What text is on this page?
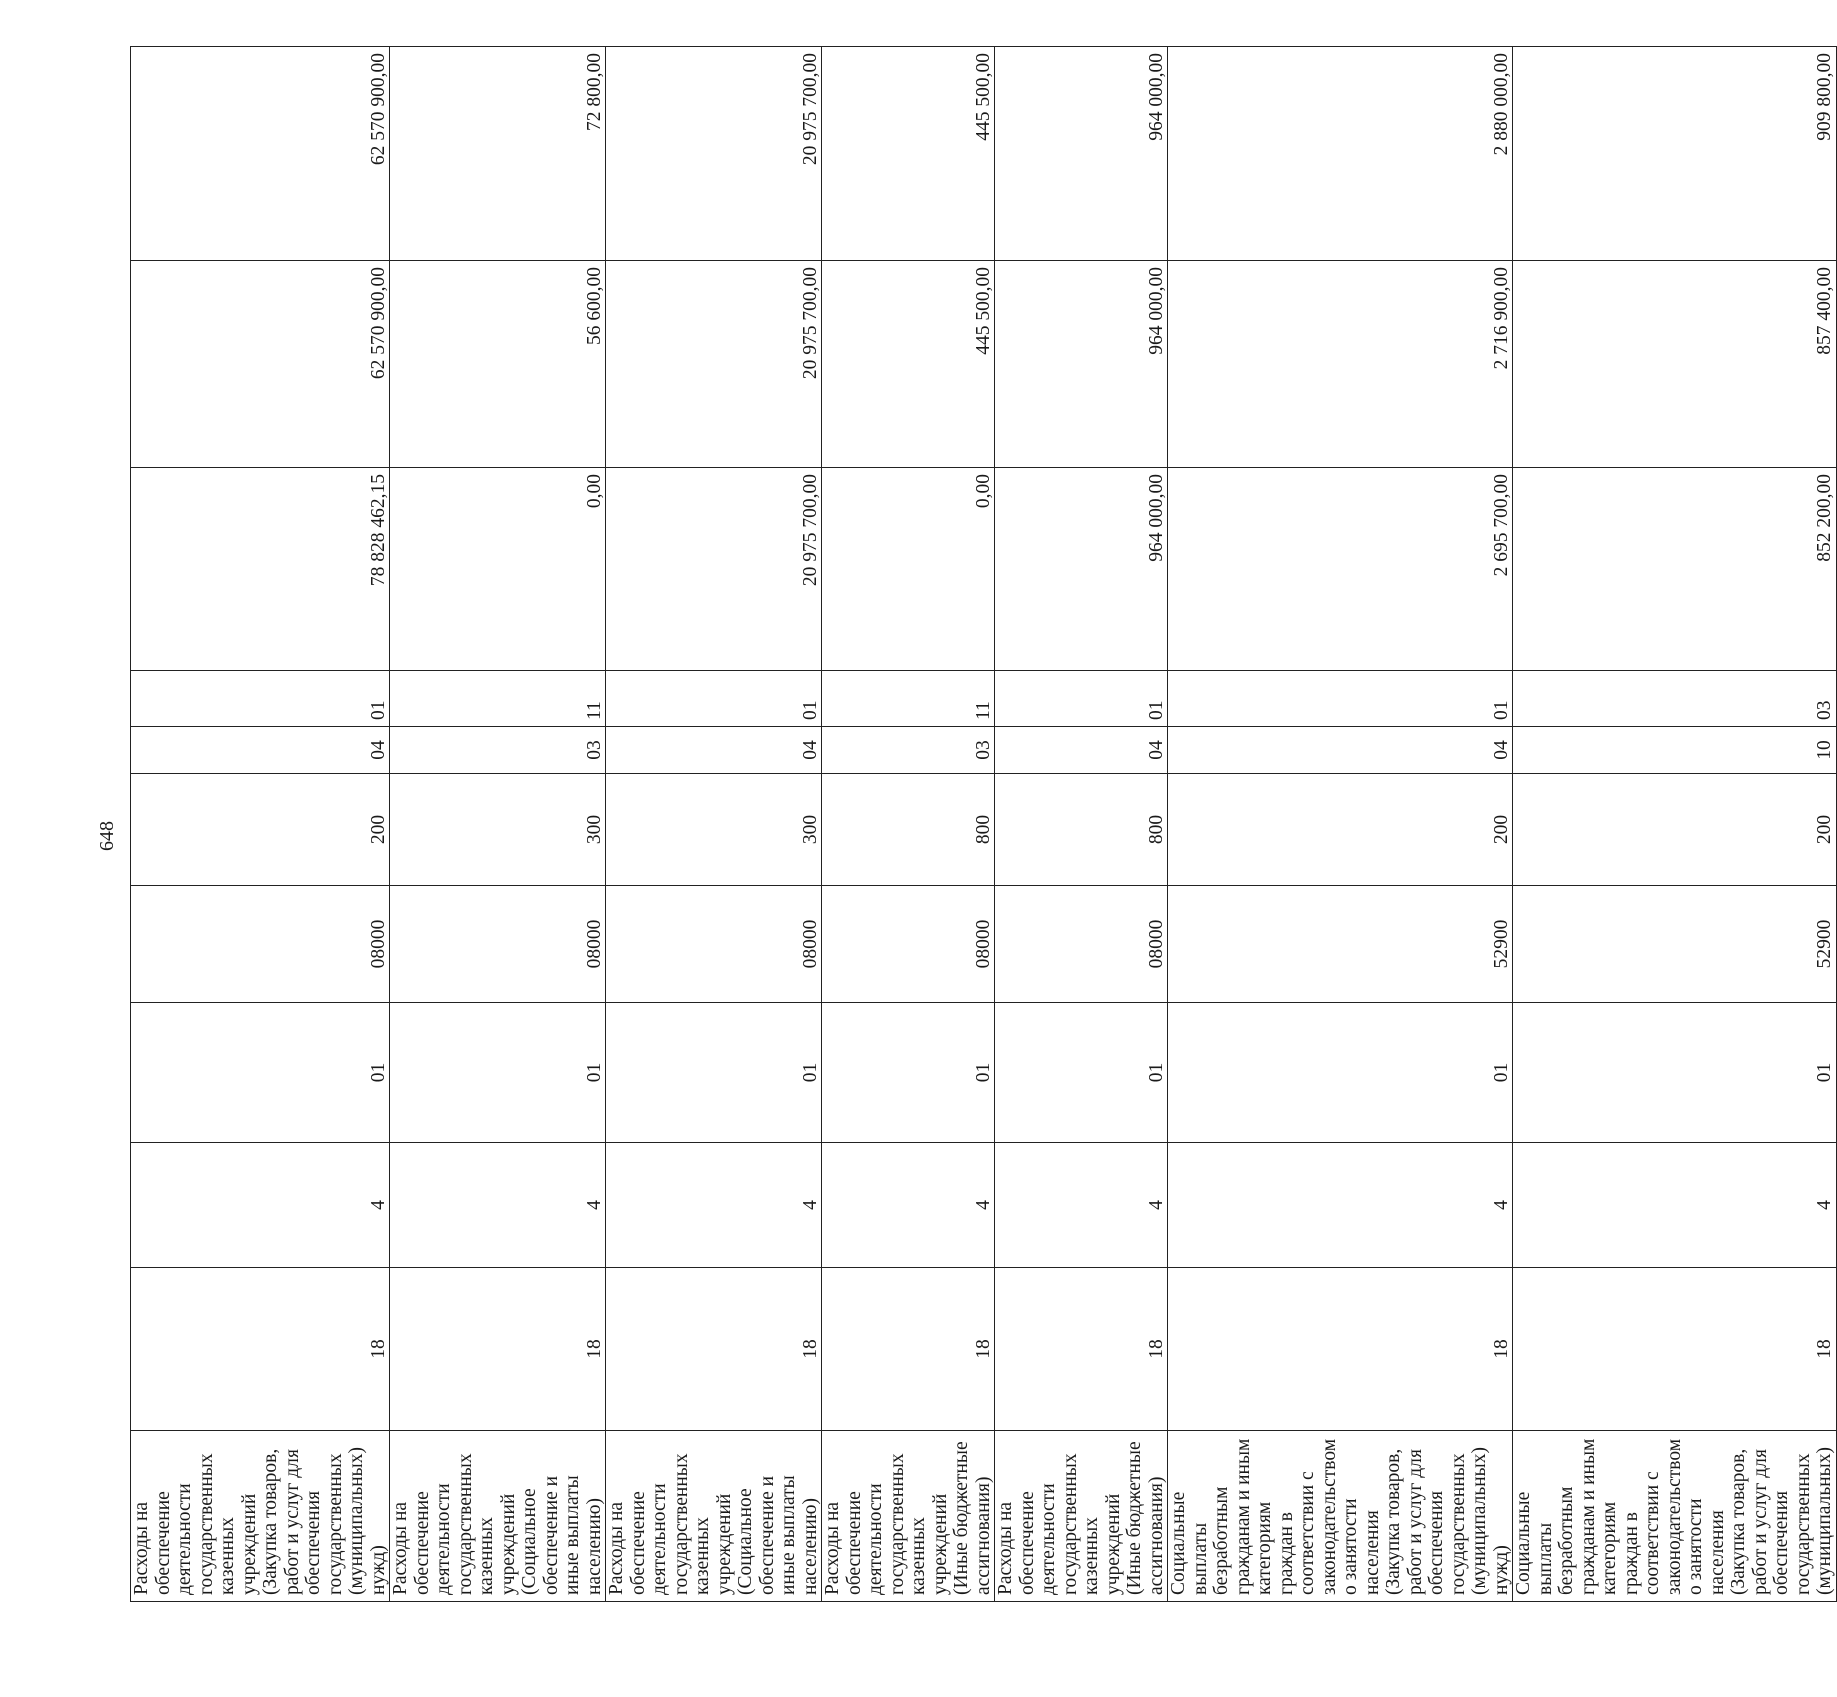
648
Расходы на обеспечение деятельности государственных казенных учреждений (Закупка товаров, работ и услуг для обеспечения государственных (муниципальных) нужд)	18	4	01	08000	200	04	01	78 828 462,15	62 570 900,00	62 570 900,00
Расходы на обеспечение деятельности государственных казенных учреждений (Социальное обеспечение и иные выплаты населению)	18	4	01	08000	300	03	11	0,00	56 600,00	72 800,00
Расходы на обеспечение деятельности государственных казенных учреждений (Социальное обеспечение и иные выплаты населению)	18	4	01	08000	300	04	01	20 975 700,00	20 975 700,00	20 975 700,00
Расходы на обеспечение деятельности государственных казенных учреждений (Иные бюджетные ассигнования)	18	4	01	08000	800	03	11	0,00	445 500,00	445 500,00
Расходы на обеспечение деятельности государственных казенных учреждений (Иные бюджетные ассигнования)	18	4	01	08000	800	04	01	964 000,00	964 000,00	964 000,00
Социальные выплаты безработным гражданам и иным категориям граждан в соответствии с законодательством о занятости населения (Закупка товаров, работ и услуг для обеспечения государственных (муниципальных) нужд)	18	4	01	52900	200	04	01	2 695 700,00	2 716 900,00	2 880 000,00
Социальные выплаты безработным гражданам и иным категориям граждан в соответствии с законодательством о занятости населения (Закупка товаров, работ и услуг для обеспечения государственных (муниципальных)	18	4	01	52900	200	10	03	852 200,00	857 400,00	909 800,00
